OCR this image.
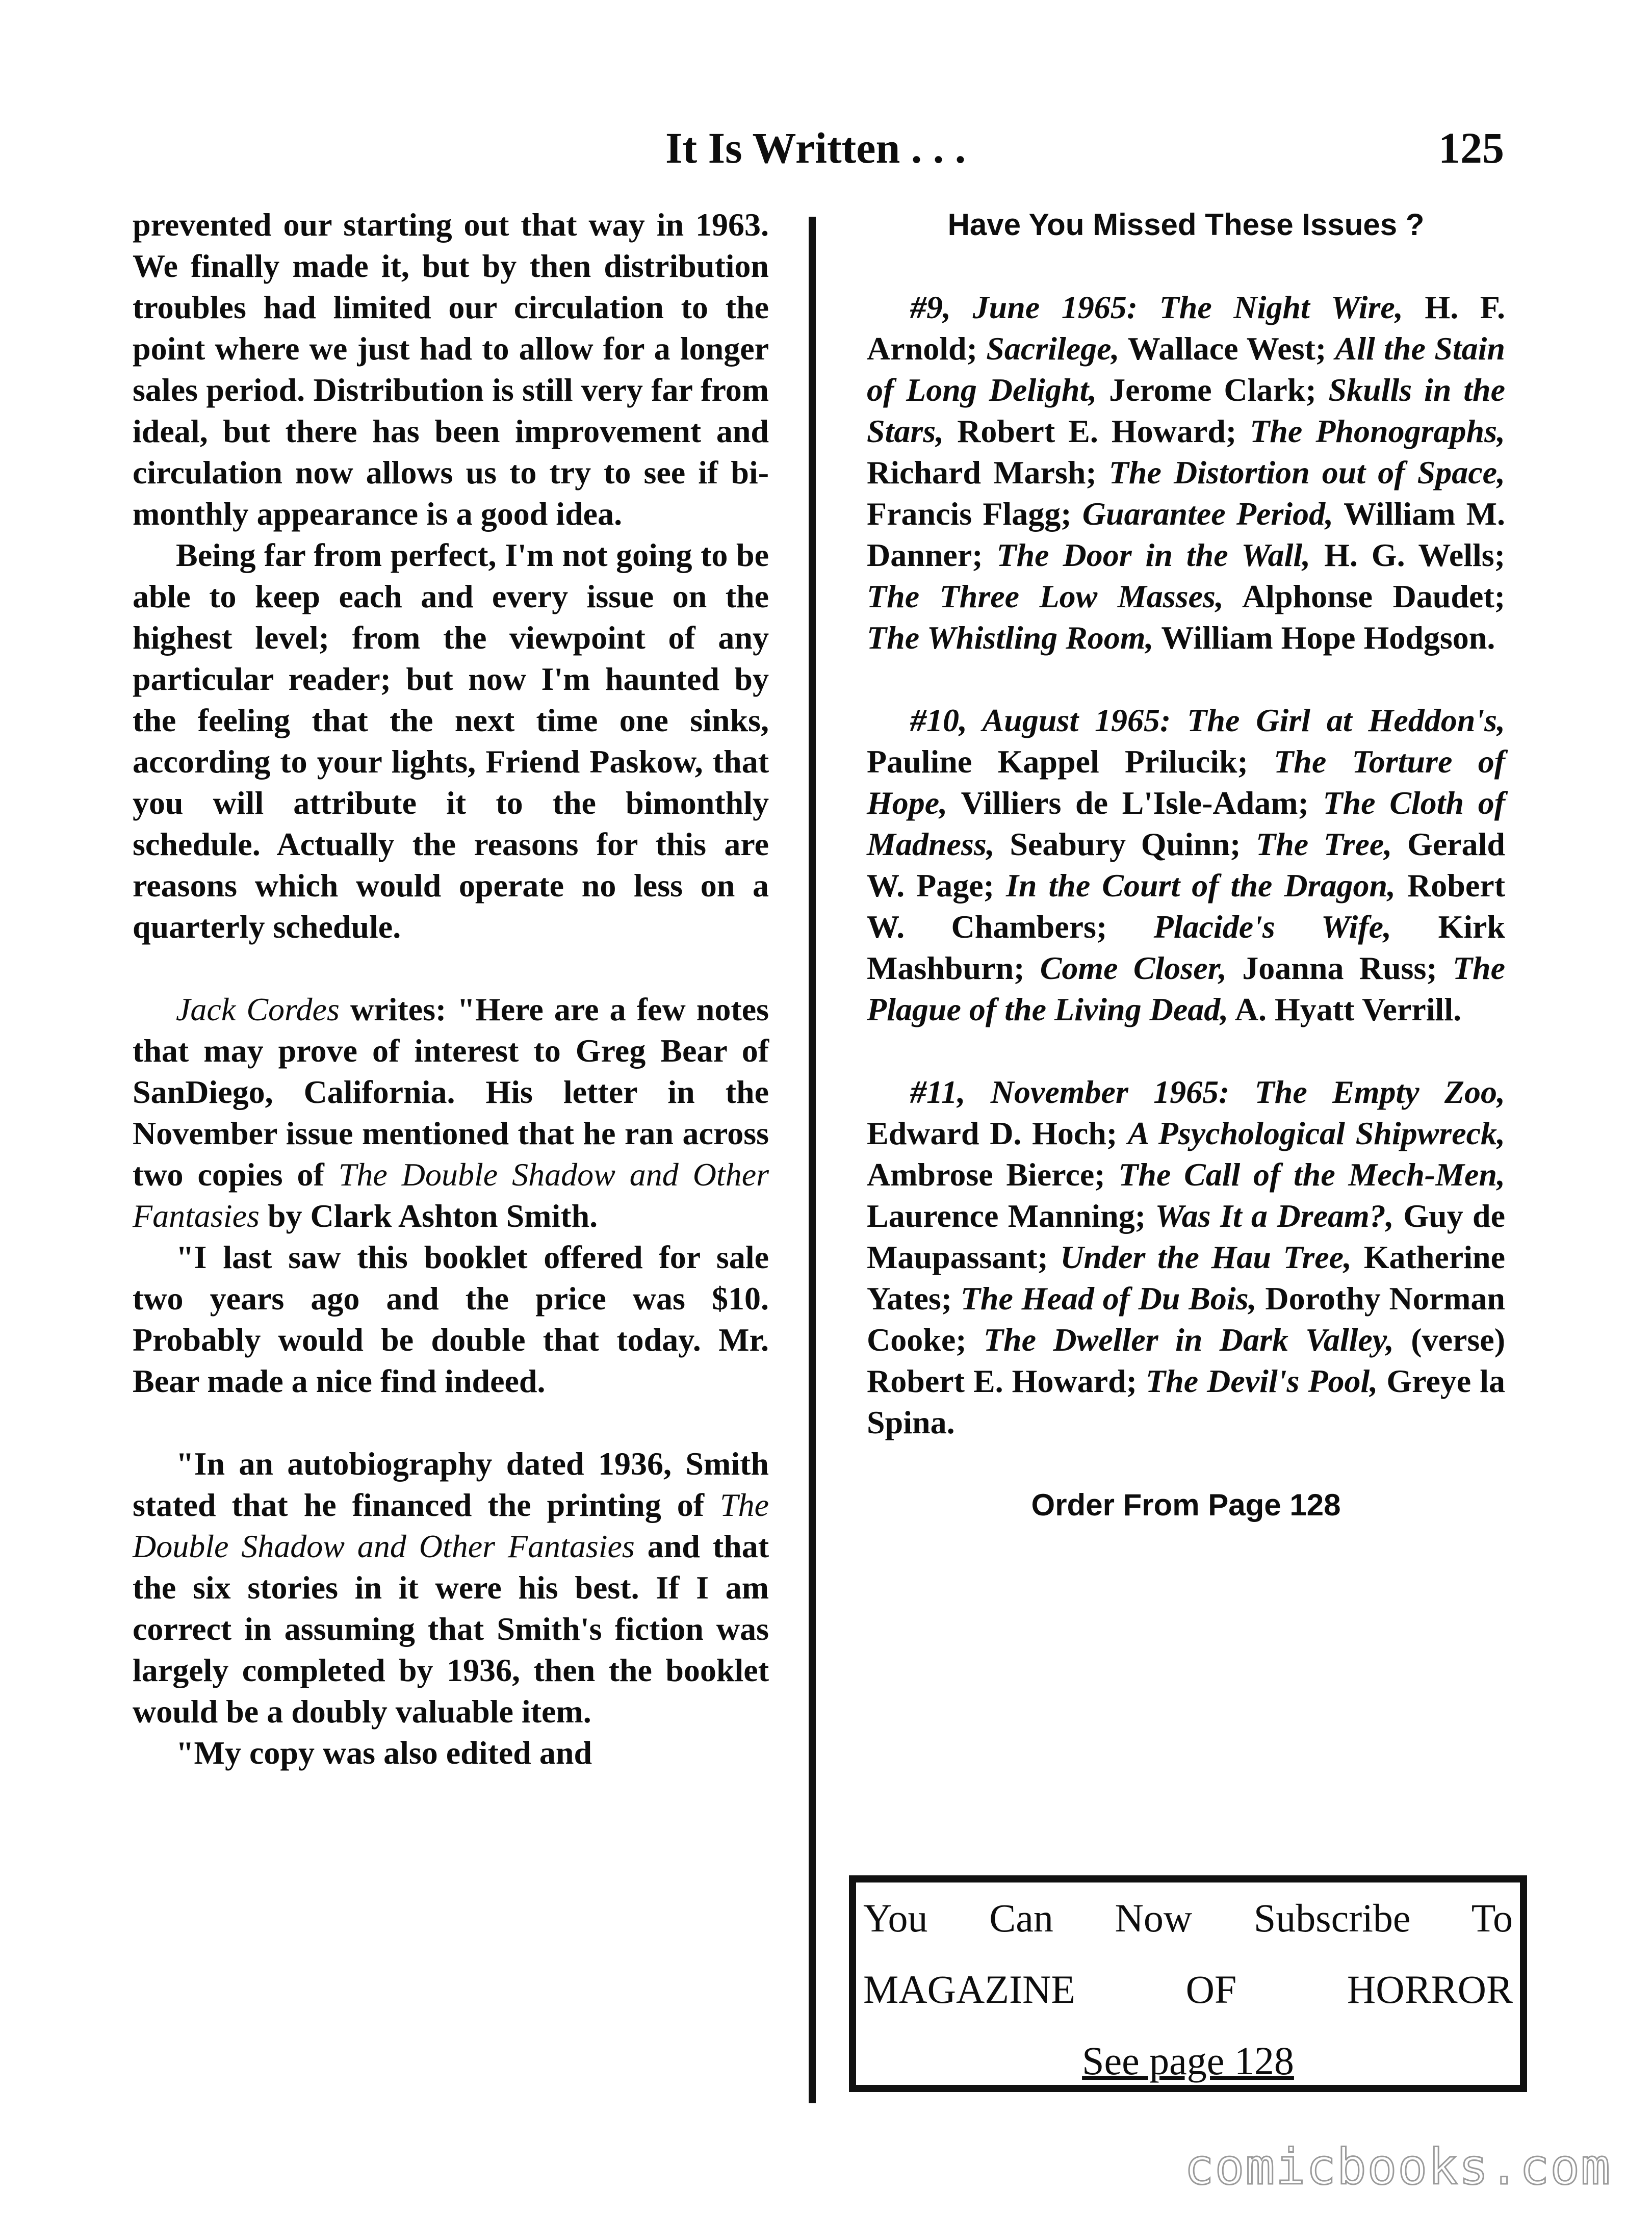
It Is Written . . .	125

prevented our starting out that way in 1963. We finally made it, but by then distribution troubles had limited our circulation to the point where we just had to allow for a longer sales period. Distribution is still very far from ideal, but there has been improvement and circulation now allows us to try to see if bi-monthly appearance is a good idea.

Being far from perfect, I'm not going to be able to keep each and every issue on the highest level; from the viewpoint of any particular reader; but now I'm haunted by the feeling that the next time one sinks, according to your lights, Friend Paskow, that you will attribute it to the bimonthly schedule. Actually the reasons for this are reasons which would operate no less on a quarterly schedule.

Jack Cordes writes: "Here are a few notes that may prove of interest to Greg Bear of SanDiego, California. His letter in the November issue mentioned that he ran across two copies of The Double Shadow and Other Fantasies by Clark Ashton Smith.

"I last saw this booklet offered for sale two years ago and the price was $10. Probably would be double that today. Mr. Bear made a nice find indeed.

"In an autobiography dated 1936, Smith stated that he financed the printing of The Double Shadow and Other Fantasies and that the six stories in it were his best. If I am correct in assuming that Smith's fiction was largely completed by 1936, then the booklet would be a doubly valuable item.

"My copy was also edited and

Have You Missed These Issues ?

#9, June 1965: The Night Wire, H. F. Arnold; Sacrilege, Wallace West; All the Stain of Long Delight, Jerome Clark; Skulls in the Stars, Robert E. Howard; The Phonographs, Richard Marsh; The Distortion out of Space, Francis Flagg; Guarantee Period, William M. Danner; The Door in the Wall, H. G. Wells; The Three Low Masses, Alphonse Daudet; The Whistling Room, William Hope Hodgson.

#10, August 1965: The Girl at Heddon's, Pauline Kappel Prilucik; The Torture of Hope, Villiers de L'Isle-Adam; The Cloth of Madness, Seabury Quinn; The Tree, Gerald W. Page; In the Court of the Dragon, Robert W. Chambers; Placide's Wife, Kirk Mashburn; Come Closer, Joanna Russ; The Plague of the Living Dead, A. Hyatt Verrill.

#11, November 1965: The Empty Zoo, Edward D. Hoch; A Psychological Shipwreck, Ambrose Bierce; The Call of the Mech-Men, Laurence Manning; Was It a Dream?, Guy de Maupassant; Under the Hau Tree, Katherine Yates; The Head of Du Bois, Dorothy Norman Cooke; The Dweller in Dark Valley, (verse) Robert E. Howard; The Devil's Pool, Greye la Spina.

Order From Page 128

You Can Now Subscribe To
MAGAZINE OF HORROR
See page 128
comicbooks.com
